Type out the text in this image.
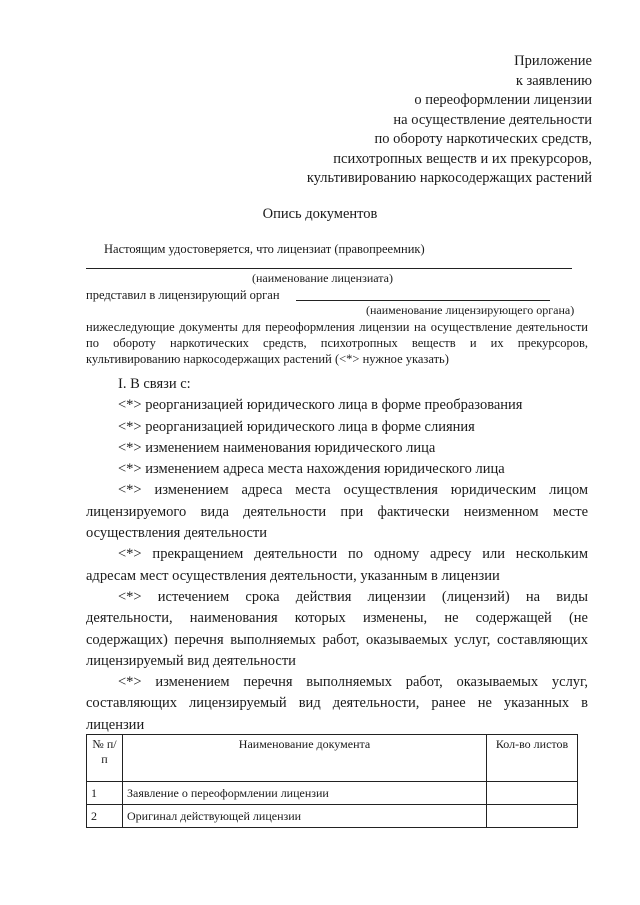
Приложение
к заявлению
о переоформлении лицензии
на осуществление деятельности
по обороту наркотических средств,
психотропных веществ и их прекурсоров,
культивированию наркосодержащих растений
Опись документов
Настоящим удостоверяется, что лицензиат (правопреемник)
(наименование лицензиата)
представил в лицензирующий орган
(наименование лицензирующего органа)
нижеследующие документы для переоформления лицензии на осуществление деятельности по обороту наркотических средств, психотропных веществ и их прекурсоров, культивированию наркосодержащих растений (<*> нужное указать)

I. В связи с:

<*> реорганизацией юридического лица в форме преобразования

<*> реорганизацией юридического лица в форме слияния

<*> изменением наименования юридического лица

<*> изменением адреса места нахождения юридического лица

<*> изменением адреса места осуществления юридическим лицом лицензируемого вида деятельности при фактически неизменном месте осуществления деятельности

<*> прекращением деятельности по одному адресу или нескольким адресам мест осуществления деятельности, указанным в лицензии

<*> истечением срока действия лицензии (лицензий) на виды деятельности, наименования которых изменены, не содержащей (не содержащих) перечня выполняемых работ, оказываемых услуг, составляющих лицензируемый вид деятельности

<*> изменением перечня выполняемых работ, оказываемых услуг, составляющих лицензируемый вид деятельности, ранее не указанных в лицензии

№ п/п	Наименование документа	Кол-во листов
1	Заявление о переоформлении лицензии	
2	Оригинал действующей лицензии	
